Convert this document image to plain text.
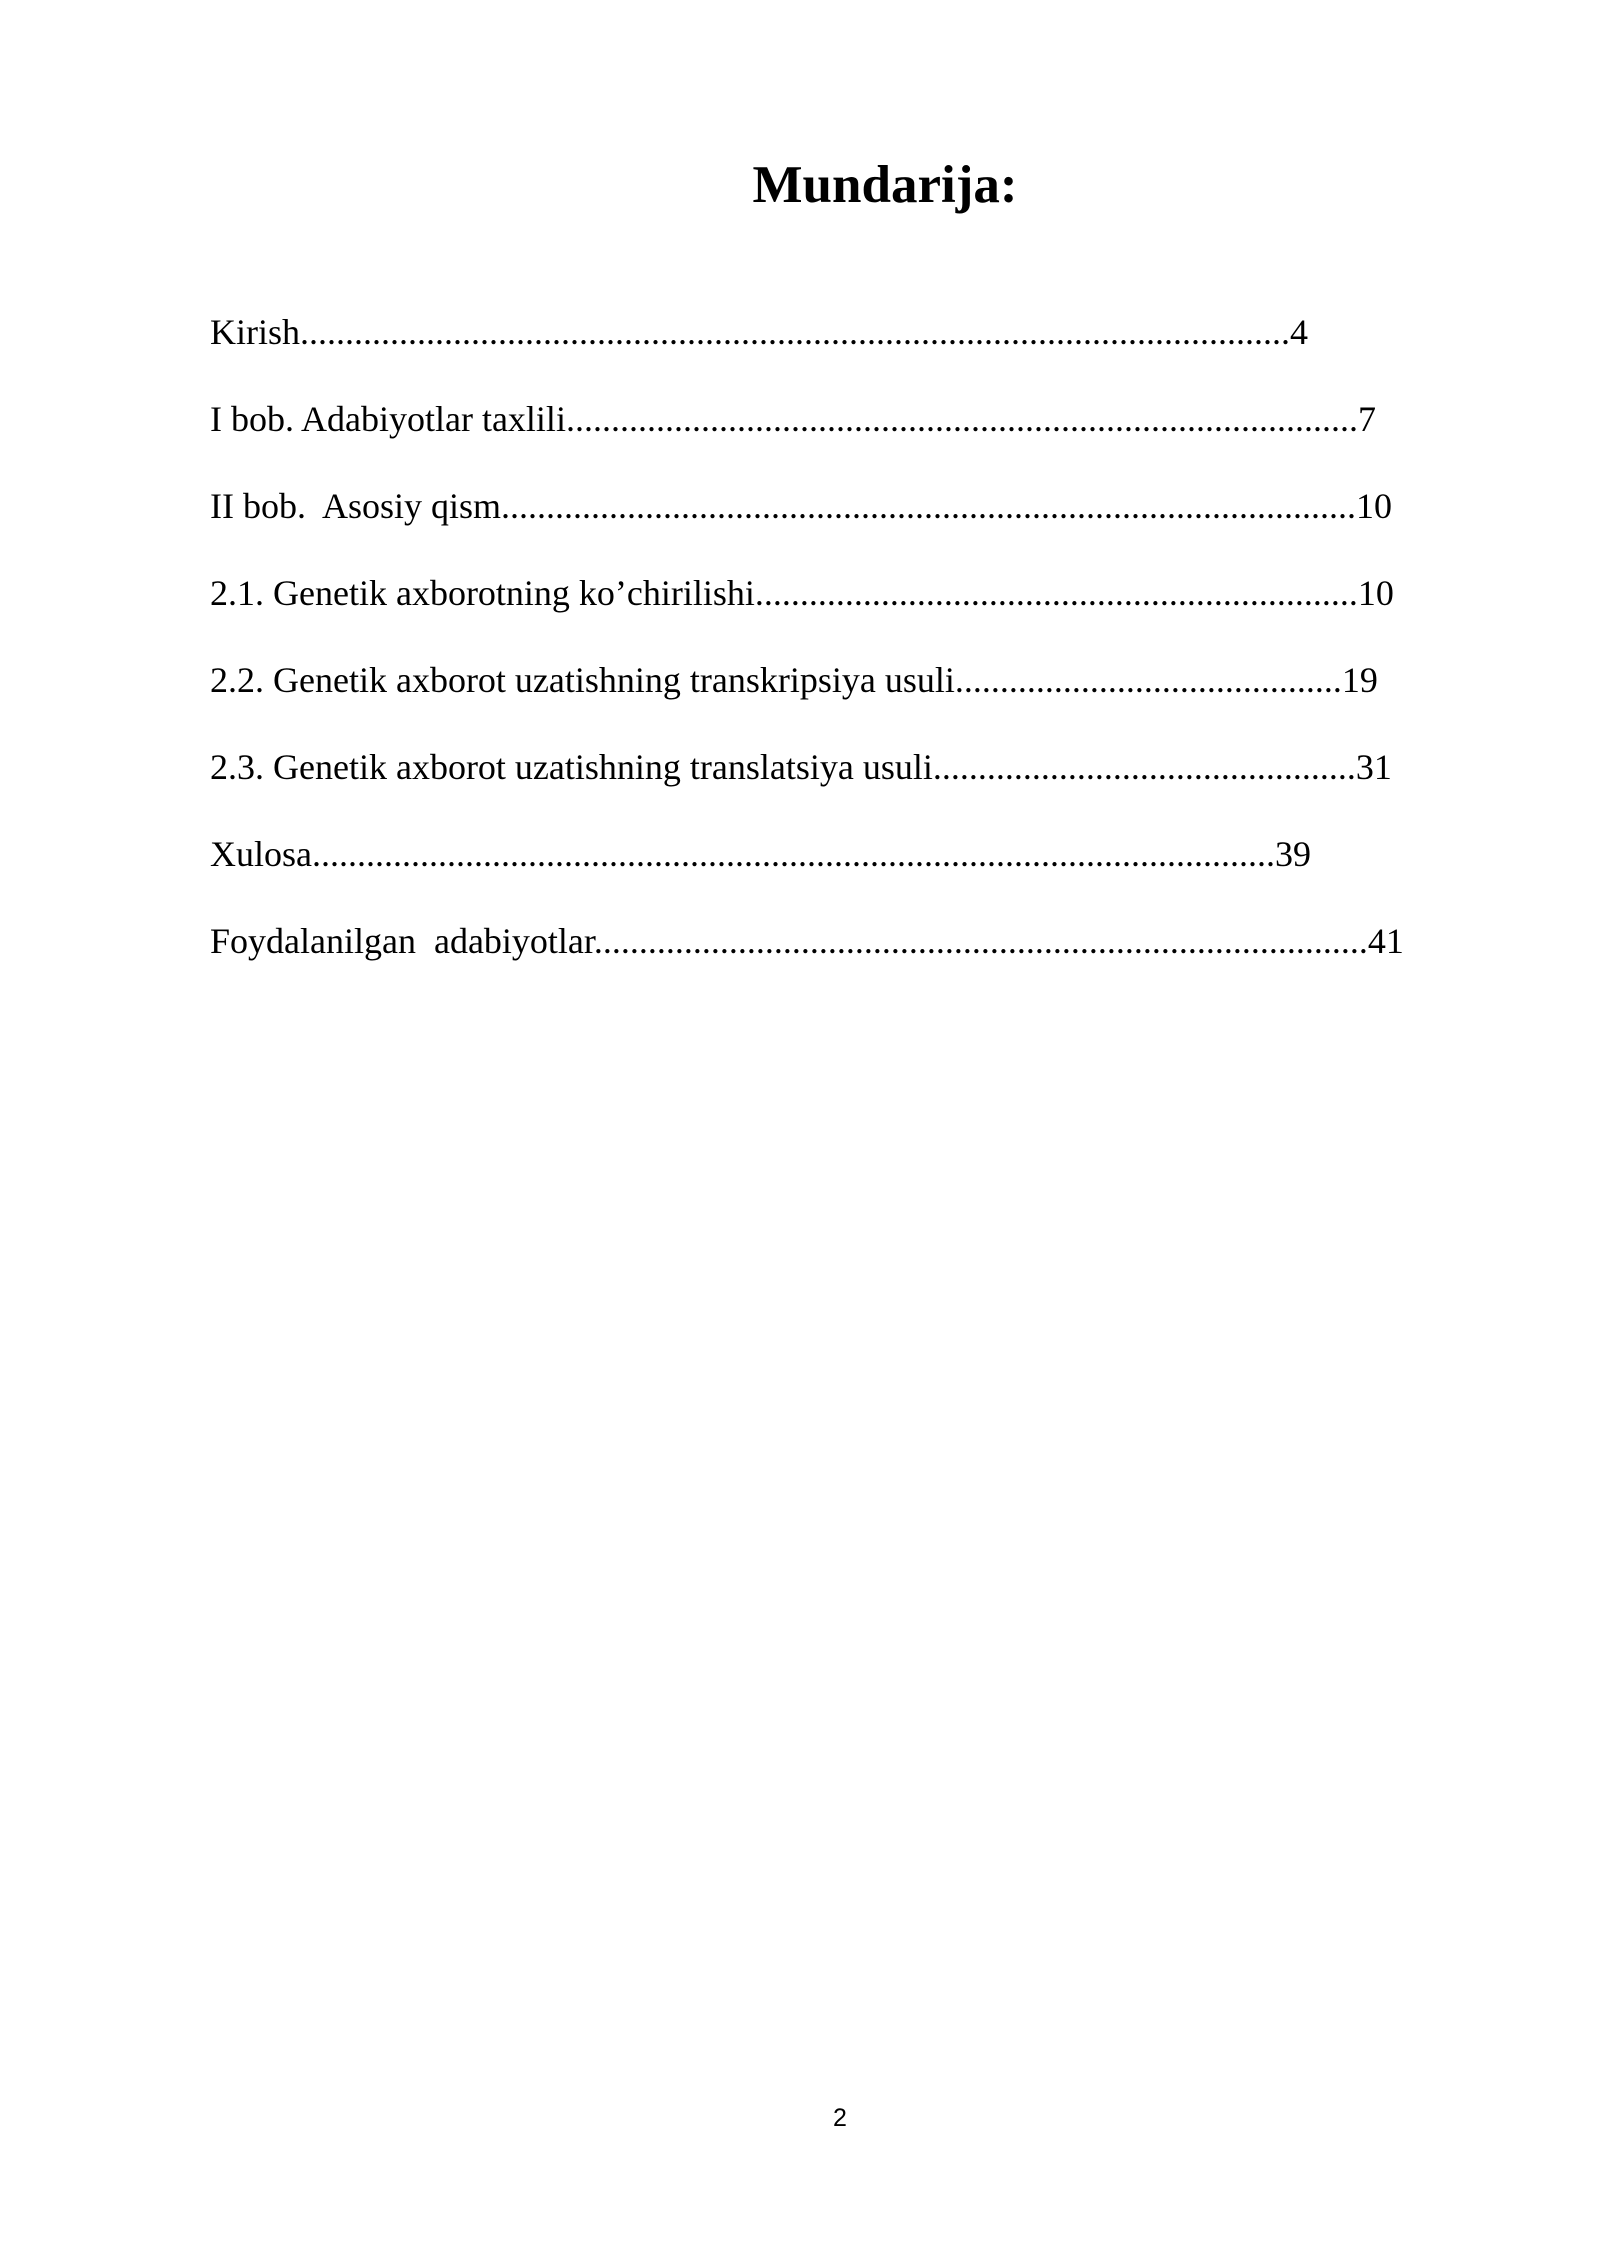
Mundarija:
Kirish..............................................................................................................4
I bob. Adabiyotlar taxlili........................................................................................7
II bob.  Asosiy qism...............................................................................................10
2.1. Genetik axborotning ko’chirilishi...................................................................10
2.2. Genetik axborot uzatishning transkripsiya usuli...........................................19
2.3. Genetik axborot uzatishning translatsiya usuli...............................................31
Xulosa...........................................................................................................39
Foydalanilgan  adabiyotlar......................................................................................41
2
